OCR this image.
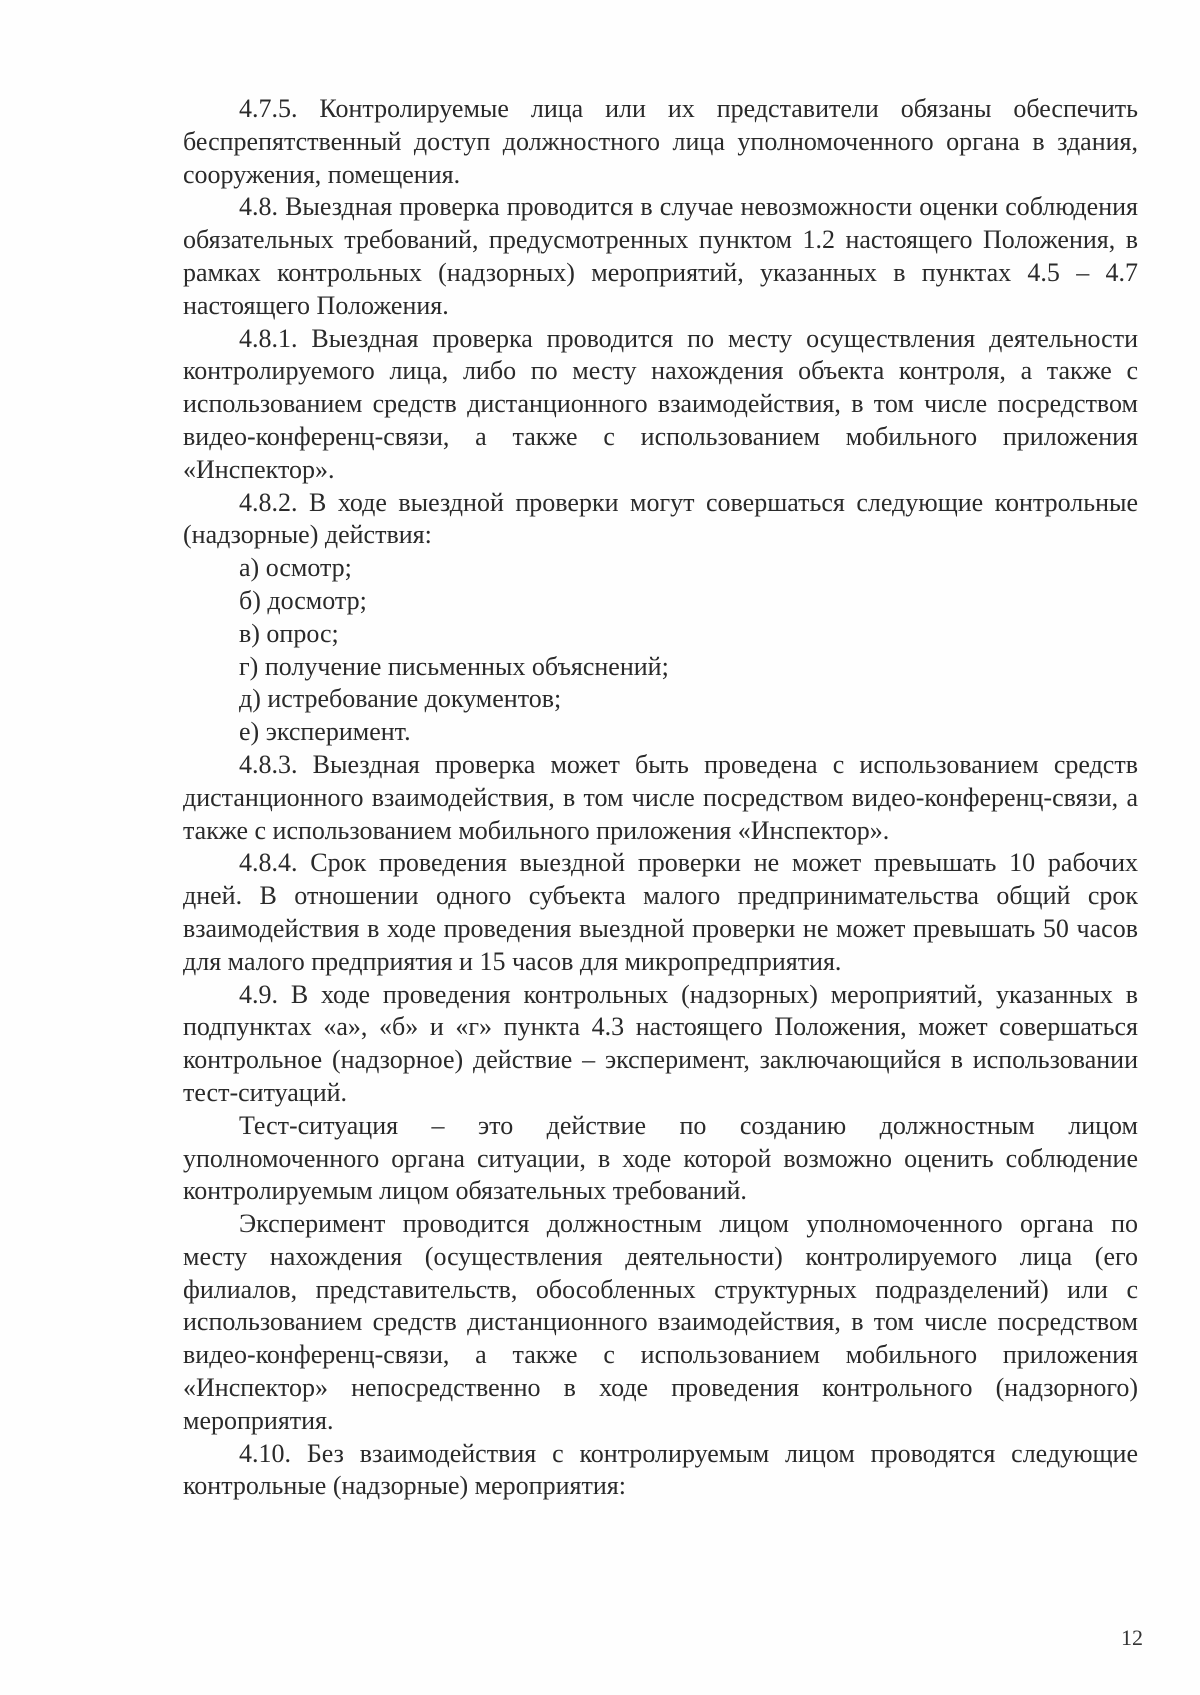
4.7.5. Контролируемые лица или их представители обязаны обеспечить беспрепятственный доступ должностного лица уполномоченного органа в здания, сооружения, помещения.

4.8. Выездная проверка проводится в случае невозможности оценки соблюдения обязательных требований, предусмотренных пунктом 1.2 настоящего Положения, в рамках контрольных (надзорных) мероприятий, указанных в пунктах 4.5 – 4.7 настоящего Положения.

4.8.1. Выездная проверка проводится по месту осуществления деятельности контролируемого лица, либо по месту нахождения объекта контроля, а также с использованием средств дистанционного взаимодействия, в том числе посредством видео-конференц-связи, а также с использованием мобильного приложения «Инспектор».

4.8.2. В ходе выездной проверки могут совершаться следующие контрольные (надзорные) действия:

а) осмотр;

б) досмотр;

в) опрос;

г) получение письменных объяснений;

д) истребование документов;

е) эксперимент.

4.8.3. Выездная проверка может быть проведена с использованием средств дистанционного взаимодействия, в том числе посредством видео-конференц-связи, а также с использованием мобильного приложения «Инспектор».

4.8.4. Срок проведения выездной проверки не может превышать 10 рабочих дней. В отношении одного субъекта малого предпринимательства общий срок взаимодействия в ходе проведения выездной проверки не может превышать 50 часов для малого предприятия и 15 часов для микропредприятия.

4.9. В ходе проведения контрольных (надзорных) мероприятий, указанных в подпунктах «а», «б» и «г» пункта 4.3 настоящего Положения, может совершаться контрольное (надзорное) действие – эксперимент, заключающийся в использовании тест-ситуаций.

Тест-ситуация – это действие по созданию должностным лицом уполномоченного органа ситуации, в ходе которой возможно оценить соблюдение контролируемым лицом обязательных требований.

Эксперимент проводится должностным лицом уполномоченного органа по месту нахождения (осуществления деятельности) контролируемого лица (его филиалов, представительств, обособленных структурных подразделений) или с использованием средств дистанционного взаимодействия, в том числе посредством видео-конференц-связи, а также с использованием мобильного приложения «Инспектор» непосредственно в ходе проведения контрольного (надзорного) мероприятия.

4.10. Без взаимодействия с контролируемым лицом проводятся следующие контрольные (надзорные) мероприятия:

12
